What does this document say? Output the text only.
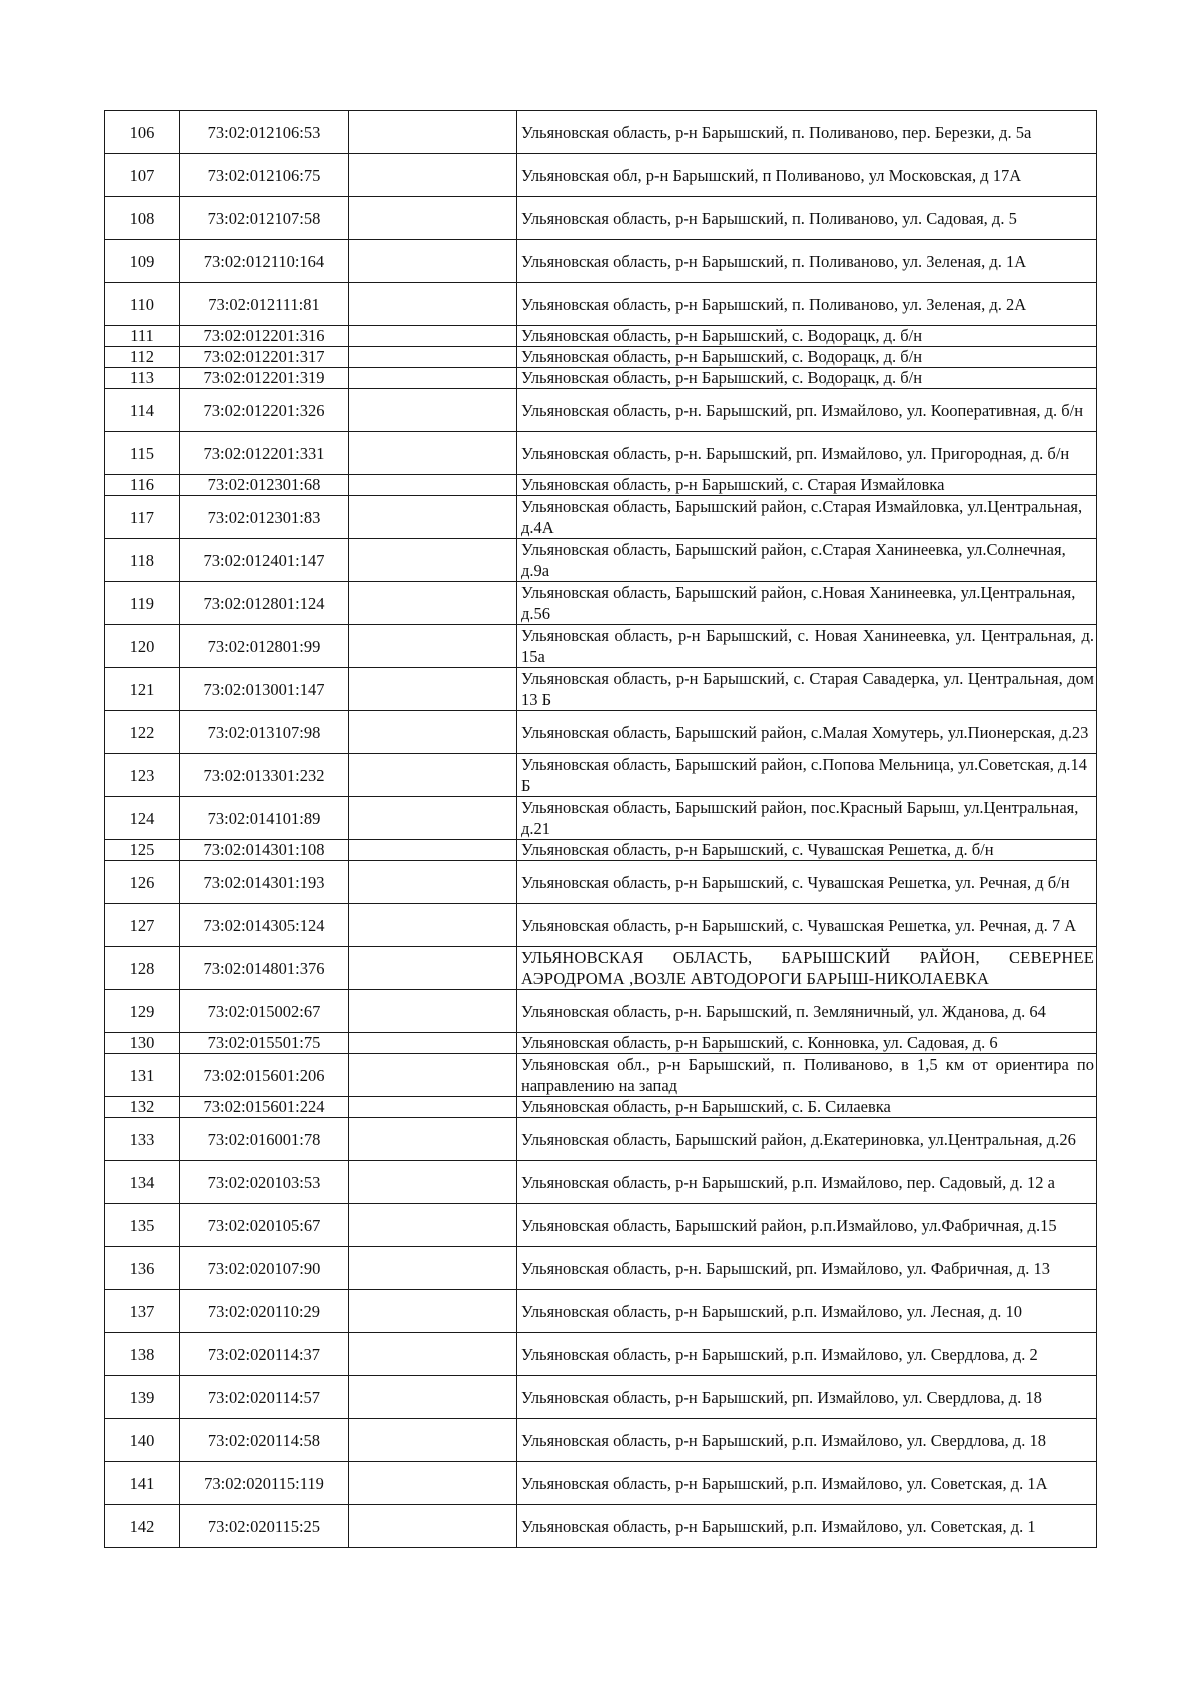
106	73:02:012106:53		Ульяновская область, р-н Барышский, п. Поливаново, пер. Березки, д. 5а
107	73:02:012106:75		Ульяновская обл, р-н Барышский, п Поливаново, ул Московская, д 17А
108	73:02:012107:58		Ульяновская область, р-н Барышский, п. Поливаново, ул. Садовая, д. 5
109	73:02:012110:164		Ульяновская область, р-н Барышский, п. Поливаново, ул. Зеленая, д. 1А
110	73:02:012111:81		Ульяновская область, р-н Барышский, п. Поливаново, ул. Зеленая, д. 2А
111	73:02:012201:316		Ульяновская область, р-н Барышский, с. Водорацк, д. б/н
112	73:02:012201:317		Ульяновская область, р-н Барышский, с. Водорацк, д. б/н
113	73:02:012201:319		Ульяновская область, р-н Барышский, с. Водорацк, д. б/н
114	73:02:012201:326		Ульяновская область, р-н. Барышский, рп. Измайлово, ул. Кооперативная, д. б/н
115	73:02:012201:331		Ульяновская область, р-н. Барышский, рп. Измайлово, ул. Пригородная, д. б/н
116	73:02:012301:68		Ульяновская область, р-н Барышский, с. Старая Измайловка
117	73:02:012301:83		Ульяновская область, Барышский район, с.Старая Измайловка, ул.Центральная, д.4А
118	73:02:012401:147		Ульяновская область, Барышский район, с.Старая Ханинеевка, ул.Солнечная, д.9а
119	73:02:012801:124		Ульяновская область, Барышский район, с.Новая Ханинеевка, ул.Центральная, д.56
120	73:02:012801:99		Ульяновская область, р-н Барышский, с. Новая Ханинеевка, ул. Центральная, д. 15а
121	73:02:013001:147		Ульяновская область, р-н Барышский, с. Старая Савадерка, ул. Центральная, дом 13 Б
122	73:02:013107:98		Ульяновская область, Барышский район, с.Малая Хомутерь, ул.Пионерская, д.23
123	73:02:013301:232		Ульяновская область, Барышский район, с.Попова Мельница, ул.Советская, д.14 Б
124	73:02:014101:89		Ульяновская область, Барышский район, пос.Красный Барыш, ул.Центральная, д.21
125	73:02:014301:108		Ульяновская область, р-н Барышский, с. Чувашская Решетка, д. б/н
126	73:02:014301:193		Ульяновская область, р-н Барышский, с. Чувашская Решетка, ул. Речная, д б/н
127	73:02:014305:124		Ульяновская область, р-н Барышский, с. Чувашская Решетка, ул. Речная, д. 7 А
128	73:02:014801:376		УЛЬЯНОВСКАЯ ОБЛАСТЬ, БАРЫШСКИЙ РАЙОН, СЕВЕРНЕЕ АЭРОДРОМА ,ВОЗЛЕ АВТОДОРОГИ БАРЫШ-НИКОЛАЕВКА
129	73:02:015002:67		Ульяновская область, р-н. Барышский, п. Земляничный, ул. Жданова, д. 64
130	73:02:015501:75		Ульяновская область, р-н Барышский, с. Конновка, ул. Садовая, д. 6
131	73:02:015601:206		Ульяновская обл., р-н Барышский, п. Поливаново, в 1,5 км от ориентира по направлению на запад
132	73:02:015601:224		Ульяновская область, р-н Барышский, с. Б. Силаевка
133	73:02:016001:78		Ульяновская область, Барышский район, д.Екатериновка, ул.Центральная, д.26
134	73:02:020103:53		Ульяновская область, р-н Барышский, р.п. Измайлово, пер. Садовый, д. 12 а
135	73:02:020105:67		Ульяновская область, Барышский район, р.п.Измайлово, ул.Фабричная, д.15
136	73:02:020107:90		Ульяновская область, р-н. Барышский, рп. Измайлово, ул. Фабричная, д. 13
137	73:02:020110:29		Ульяновская область, р-н Барышский, р.п. Измайлово, ул. Лесная, д. 10
138	73:02:020114:37		Ульяновская область, р-н Барышский, р.п. Измайлово, ул. Свердлова, д. 2
139	73:02:020114:57		Ульяновская область, р-н Барышский, рп. Измайлово, ул. Свердлова, д. 18
140	73:02:020114:58		Ульяновская область, р-н Барышский, р.п. Измайлово, ул. Свердлова, д. 18
141	73:02:020115:119		Ульяновская область, р-н Барышский, р.п. Измайлово, ул. Советская, д. 1А
142	73:02:020115:25		Ульяновская область, р-н Барышский, р.п. Измайлово, ул. Советская, д. 1
